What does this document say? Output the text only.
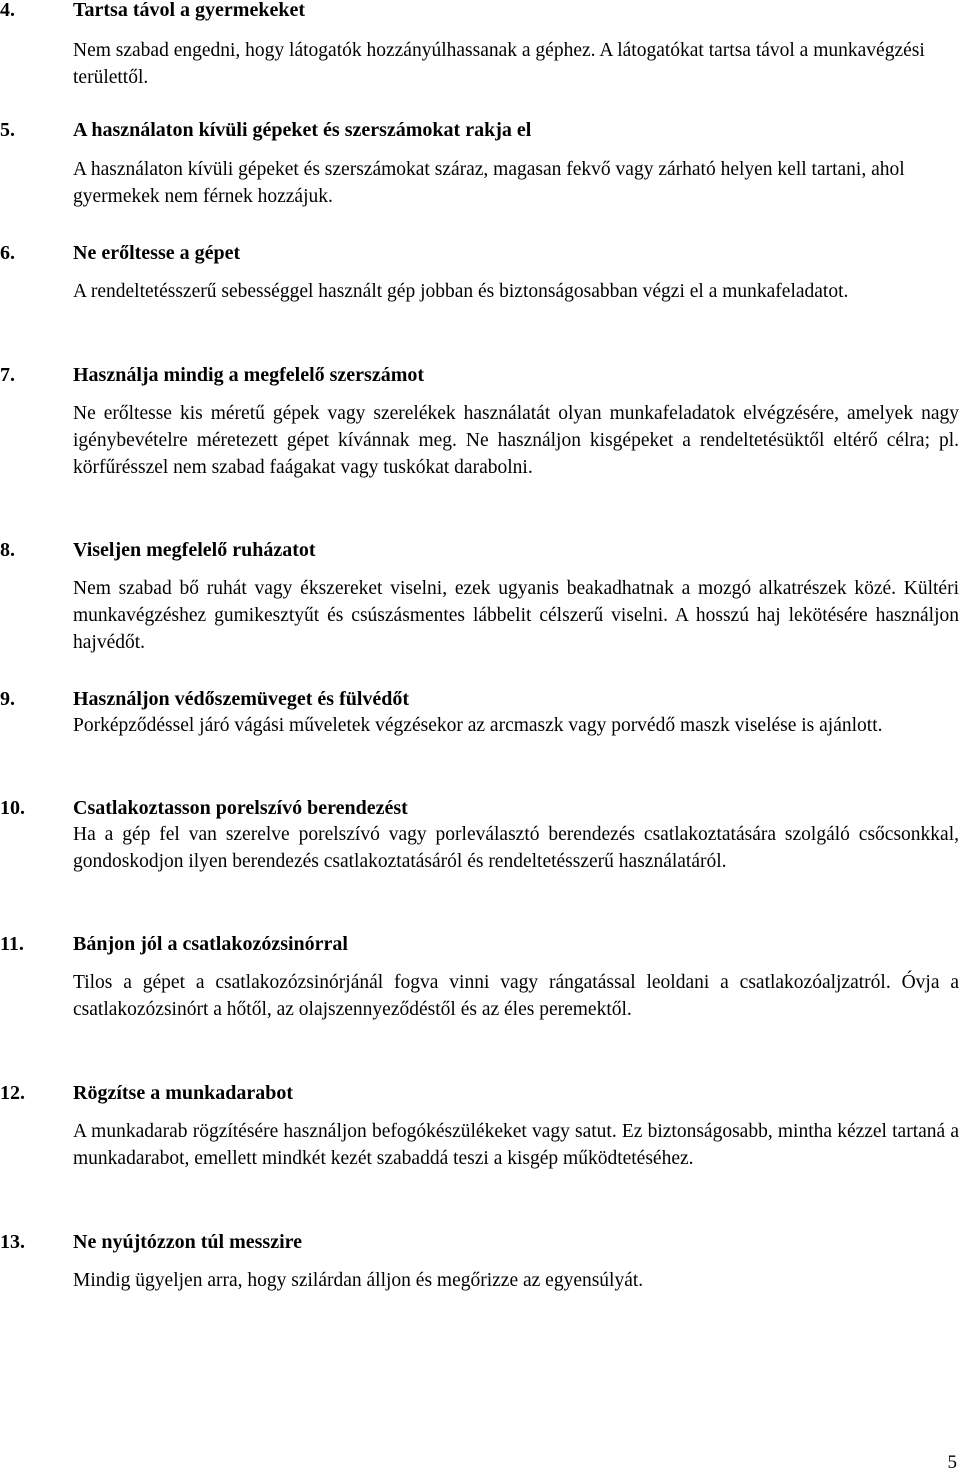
4.	Tartsa távol a gyermekeket
Nem szabad engedni, hogy látogatók hozzányúlhassanak a géphez. A látogatókat tartsa távol a munkavégzési területtől.
5.	A használaton kívüli gépeket és szerszámokat rakja el
A használaton kívüli gépeket és szerszámokat száraz, magasan fekvő vagy zárható helyen kell tartani, ahol gyermekek nem férnek hozzájuk.
6.	Ne erőltesse a gépet
A rendeltetésszerű sebességgel használt gép jobban és biztonságosabban végzi el a munkafeladatot.
7.	Használja mindig a megfelelő szerszámot
Ne erőltesse kis méretű gépek vagy szerelékek használatát olyan munkafeladatok elvégzésére, amelyek nagy igénybevételre méretezett gépet kívánnak meg. Ne használjon kisgépeket a rendeltetésüktől eltérő célra; pl. körfűrésszel nem szabad faágakat vagy tuskókat darabolni.
8.	Viseljen megfelelő ruházatot
Nem szabad bő ruhát vagy ékszereket viselni, ezek ugyanis beakadhatnak a mozgó alkatrészek közé. Kültéri munkavégzéshez gumikesztyűt és csúszásmentes lábbelit célszerű viselni. A hosszú haj lekötésére használjon hajvédőt.
9.	Használjon védőszemüveget és fülvédőt
Porképződéssel járó vágási műveletek végzésekor az arcmaszk vagy porvédő maszk viselése is ajánlott.
10. Csatlakoztasson porelszívó berendezést
Ha a gép fel van szerelve porelszívó vagy porleválasztó berendezés csatlakoztatására szolgáló csőcsonkkal, gondoskodjon ilyen berendezés csatlakoztatásáról és rendeltetésszerű használatáról.
11. Bánjon jól a csatlakozózsinórral
Tilos a gépet a csatlakozózsinórjánál fogva vinni vagy rángatással leoldani a csatlakozóaljzatról. Óvja a csatlakozózsinórt a hőtől, az olajszennyeződéstől és az éles peremektől.
12. Rögzítse a munkadarabot
A munkadarab rögzítésére használjon befogókészülékeket vagy satut. Ez biztonságosabb, mintha kézzel tartaná a munkadarabot, emellett mindkét kezét szabaddá teszi a kisgép működtetéséhez.
13. Ne nyújtózzon túl messzire
Mindig ügyeljen arra, hogy szilárdan álljon és megőrizze az egyensúlyát.
5
